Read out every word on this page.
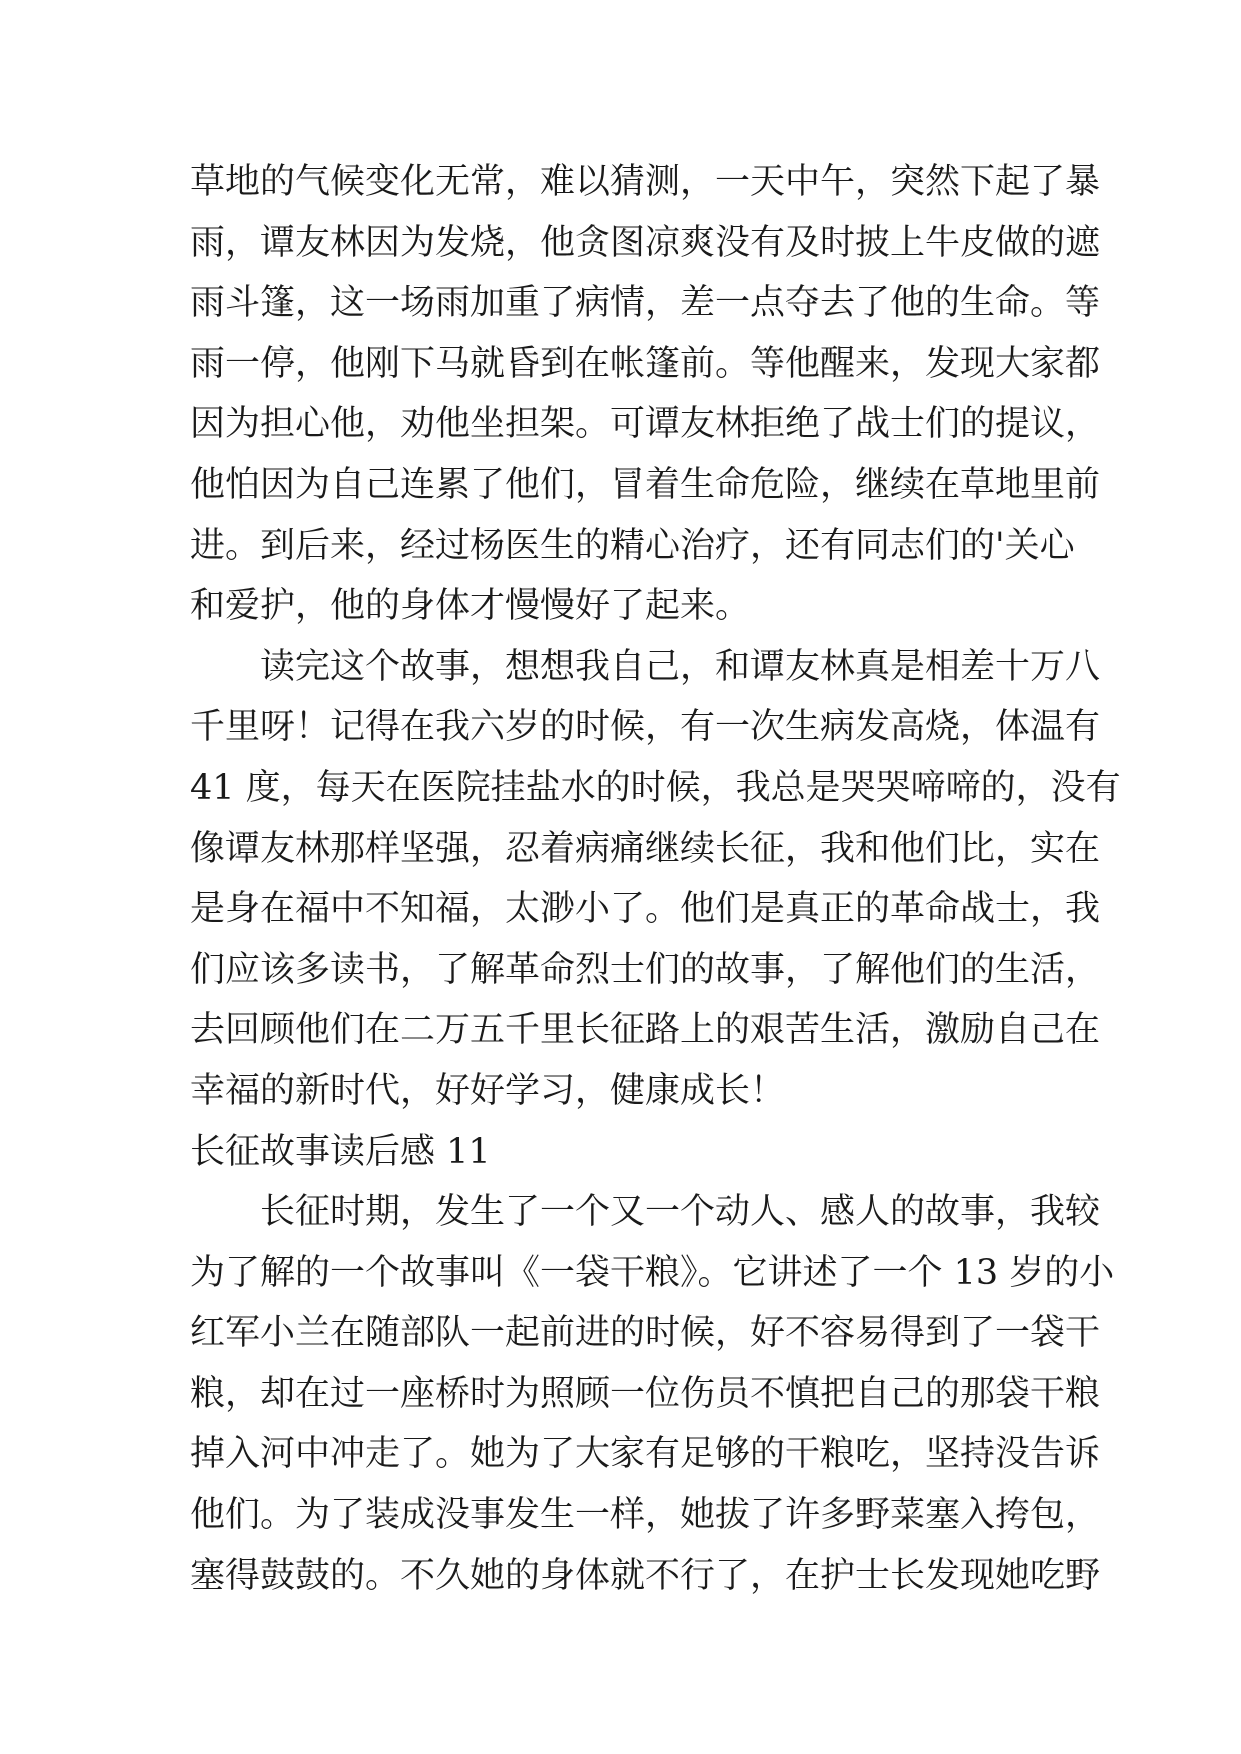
草地的气候变化无常，难以猜测，一天中午，突然下起了暴
雨，谭友林因为发烧，他贪图凉爽没有及时披上牛皮做的遮
雨斗篷，这一场雨加重了病情，差一点夺去了他的生命。等
雨一停，他刚下马就昏到在帐篷前。等他醒来，发现大家都
因为担心他，劝他坐担架。可谭友林拒绝了战士们的提议，
他怕因为自己连累了他们，冒着生命危险，继续在草地里前
进。到后来，经过杨医生的精心治疗，还有同志们的'关心
和爱护，他的身体才慢慢好了起来。
读完这个故事，想想我自己，和谭友林真是相差十万八
千里呀！记得在我六岁的时候，有一次生病发高烧，体温有
41 度，每天在医院挂盐水的时候，我总是哭哭啼啼的，没有
像谭友林那样坚强，忍着病痛继续长征，我和他们比，实在
是身在福中不知福，太渺小了。他们是真正的革命战士，我
们应该多读书，了解革命烈士们的故事，了解他们的生活，
去回顾他们在二万五千里长征路上的艰苦生活，激励自己在
幸福的新时代，好好学习，健康成长！
长征故事读后感 11
长征时期，发生了一个又一个动人、感人的故事，我较
为了解的一个故事叫《一袋干粮》。它讲述了一个 13 岁的小
红军小兰在随部队一起前进的时候，好不容易得到了一袋干
粮，却在过一座桥时为照顾一位伤员不慎把自己的那袋干粮
掉入河中冲走了。她为了大家有足够的干粮吃，坚持没告诉
他们。为了装成没事发生一样，她拔了许多野菜塞入挎包，
塞得鼓鼓的。不久她的身体就不行了，在护士长发现她吃野
